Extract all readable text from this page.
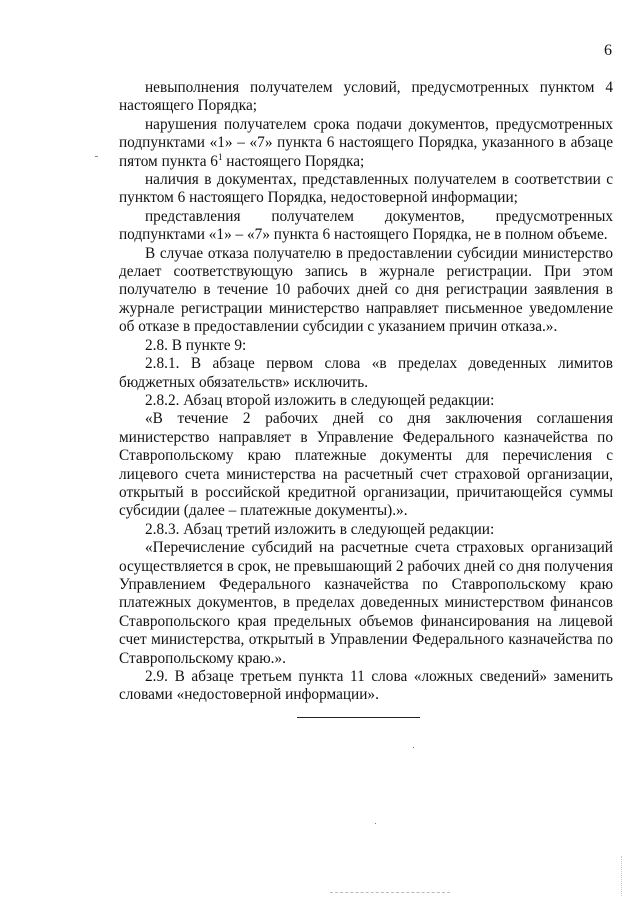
6

невыполнения получателем условий, предусмотренных пунктом 4 настоящего Порядка;

нарушения получателем срока подачи документов, предусмотренных подпунктами «1» – «7» пункта 6 настоящего Порядка, указанного в абзаце пятом пункта $6^1$ настоящего Порядка;

наличия в документах, представленных получателем в соответствии с пунктом 6 настоящего Порядка, недостоверной информации;

представления получателем документов, предусмотренных подпунктами «1» – «7» пункта 6 настоящего Порядка, не в полном объеме.

В случае отказа получателю в предоставлении субсидии министерство делает соответствующую запись в журнале регистрации. При этом получателю в течение 10 рабочих дней со дня регистрации заявления в журнале регистрации министерство направляет письменное уведомление об отказе в предоставлении субсидии с указанием причин отказа.».

2.8. В пункте 9:

2.8.1. В абзаце первом слова «в пределах доведенных лимитов бюджетных обязательств» исключить.

2.8.2. Абзац второй изложить в следующей редакции:

«В течение 2 рабочих дней со дня заключения соглашения министерство направляет в Управление Федерального казначейства по Ставропольскому краю платежные документы для перечисления с лицевого счета министерства на расчетный счет страховой организации, открытый в российской кредитной организации, причитающейся суммы субсидии (далее – платежные документы).».

2.8.3. Абзац третий изложить в следующей редакции:

«Перечисление субсидий на расчетные счета страховых организаций осуществляется в срок, не превышающий 2 рабочих дней со дня получения Управлением Федерального казначейства по Ставропольскому краю платежных документов, в пределах доведенных министерством финансов Ставропольского края предельных объемов финансирования на лицевой счет министерства, открытый в Управлении Федерального казначейства по Ставропольскому краю.».

2.9. В абзаце третьем пункта 11 слова «ложных сведений» заменить словами «недостоверной информации».
